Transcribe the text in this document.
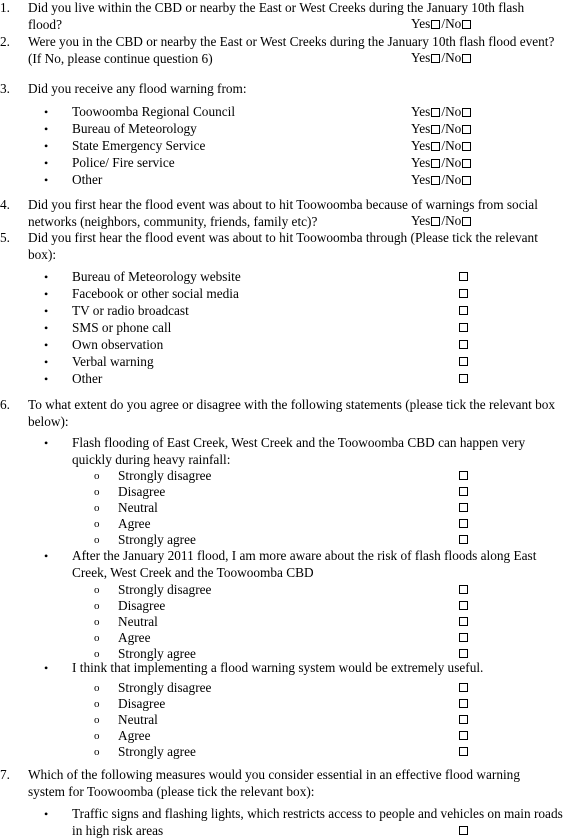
1.	Did you live within the CBD or nearby the East or West Creeks during the January 10th flash flood?	Yes /No
2.	Were you in the CBD or nearby the East or West Creeks during the January 10th flash flood event?
Yes /No
(If No, please continue question 6)
3.	Did you receive any flood warning from:
• Toowoomba Regional Council	Yes /No
• Bureau of Meteorology	Yes /No
• State Emergency Service	Yes /No
• Police/ Fire service	Yes /No
• Other	Yes /No
4.	Did you first hear the flood event was about to hit Toowoomba because of warnings from social networks (neighbors, community, friends, family etc)?	Yes /No
5.	Did you first hear the flood event was about to hit Toowoomba through (Please tick the relevant box):
• Bureau of Meteorology website
• Facebook or other social media
• TV or radio broadcast
• SMS or phone call
• Own observation
• Verbal warning
• Other
6.	To what extent do you agree or disagree with the following statements (please tick the relevant box below):
• Flash flooding of East Creek, West Creek and the Toowoomba CBD can happen very quickly during heavy rainfall:
o Strongly disagree
o Disagree
o Neutral
o Agree
o Strongly agree
• After the January 2011 flood, I am more aware about the risk of flash floods along East Creek, West Creek and the Toowoomba CBD
o Strongly disagree
o Disagree
o Neutral
o Agree
o Strongly agree
• I think that implementing a flood warning system would be extremely useful.
o Strongly disagree
o Disagree
o Neutral
o Agree
o Strongly agree
7.	Which of the following measures would you consider essential in an effective flood warning system for Toowoomba (please tick the relevant box):
• Traffic signs and flashing lights, which restricts access to people and vehicles on main roads in high risk areas
